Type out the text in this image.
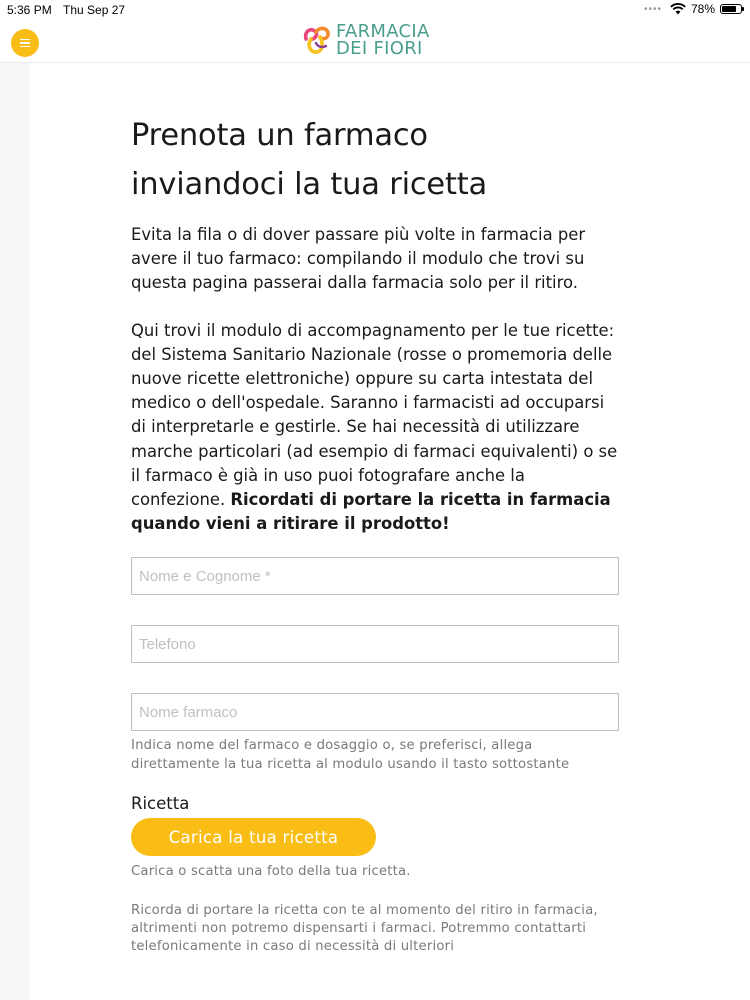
5:36 PM Thu Sep 27	•••• 78%
FARMACIA
DEI FIORI
Prenota un farmaco
inviandoci la tua ricetta

Evita la fila o di dover passare più volte in farmacia per avere il tuo farmaco: compilando il modulo che trovi su questa pagina passerai dalla farmacia solo per il ritiro.

Qui trovi il modulo di accompagnamento per le tue ricette: del Sistema Sanitario Nazionale (rosse o promemoria delle nuove ricette elettroniche) oppure su carta intestata del medico o dell'ospedale. Saranno i farmacisti ad occuparsi di interpretarle e gestirle. Se hai necessità di utilizzare marche particolari (ad esempio di farmaci equivalenti) o se il farmaco è già in uso puoi fotografare anche la confezione. Ricordati di portare la ricetta in farmacia quando vieni a ritirare il prodotto!

Nome e Cognome *
Telefono
Nome farmaco

Indica nome del farmaco e dosaggio o, se preferisci, allega direttamente la tua ricetta al modulo usando il tasto sottostante

Ricetta
Carica la tua ricetta

Carica o scatta una foto della tua ricetta.

Ricorda di portare la ricetta con te al momento del ritiro in farmacia, altrimenti non potremo dispensarti i farmaci. Potremmo contattarti telefonicamente in caso di necessità di ulteriori
